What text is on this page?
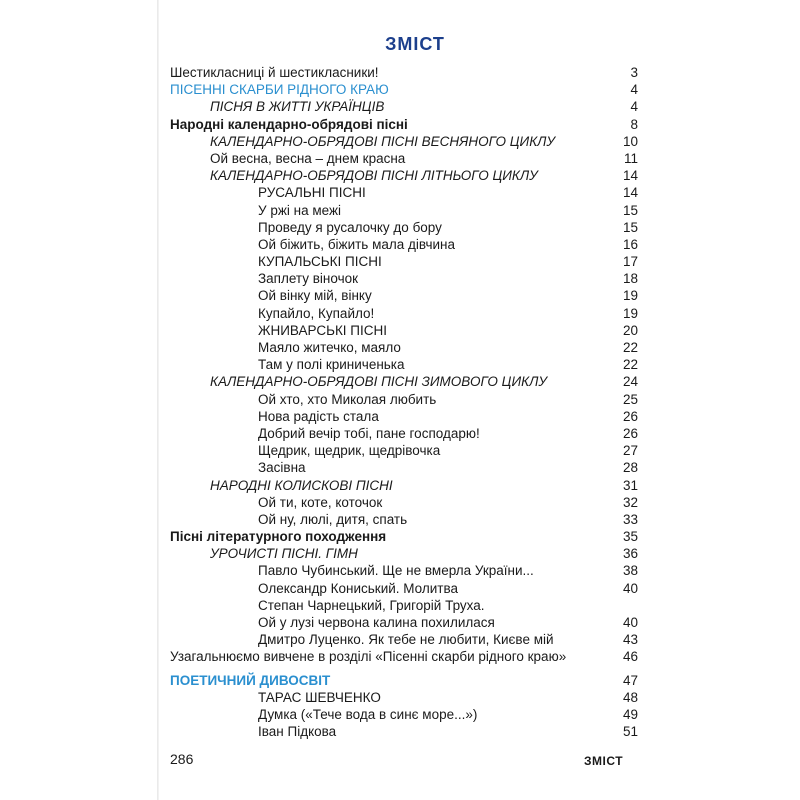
ЗМІСТ
Шестикласниці й шестикласники!	3
ПІСЕННІ СКАРБИ РІДНОГО КРАЮ	4
ПІСНЯ В ЖИТТІ УКРАЇНЦІВ	4
Народні календарно-обрядові пісні	8
КАЛЕНДАРНО-ОБРЯДОВІ ПІСНІ ВЕСНЯНОГО ЦИКЛУ	10
Ой весна, весна – днем красна	11
КАЛЕНДАРНО-ОБРЯДОВІ ПІСНІ ЛІТНЬОГО ЦИКЛУ	14
РУСАЛЬНІ ПІСНІ	14
У ржі на межі	15
Проведу я русалочку до бору	15
Ой біжить, біжить мала дівчина	16
КУПАЛЬСЬКІ ПІСНІ	17
Заплету віночок	18
Ой вінку мій, вінку	19
Купайло, Купайло!	19
ЖНИВАРСЬКІ ПІСНІ	20
Маяло житечко, маяло	22
Там у полі криниченька	22
КАЛЕНДАРНО-ОБРЯДОВІ ПІСНІ ЗИМОВОГО ЦИКЛУ	24
Ой хто, хто Миколая любить	25
Нова радість стала	26
Добрий вечір тобі, пане господарю!	26
Щедрик, щедрик, щедрівочка	27
Засівна	28
НАРОДНІ КОЛИСКОВІ ПІСНІ	31
Ой ти, коте, коточок	32
Ой ну, люлі, дитя, спать	33
Пісні літературного походження	35
УРОЧИСТІ ПІСНІ. ГІМН	36
Павло Чубинський. Ще не вмерла України...	38
Олександр Кониський. Молитва	40
Степан Чарнецький, Григорій Труха.
Ой у лузі червона калина похилилася	40
Дмитро Луценко. Як тебе не любити, Києве мій	43
Узагальнюємо вивчене в розділі «Пісенні скарби рідного краю»	46
ПОЕТИЧНИЙ ДИВОСВІТ	47
ТАРАС ШЕВЧЕНКО	48
Думка («Тече вода в синє море...»)	49
Іван Підкова	51
286	ЗМІСТ
